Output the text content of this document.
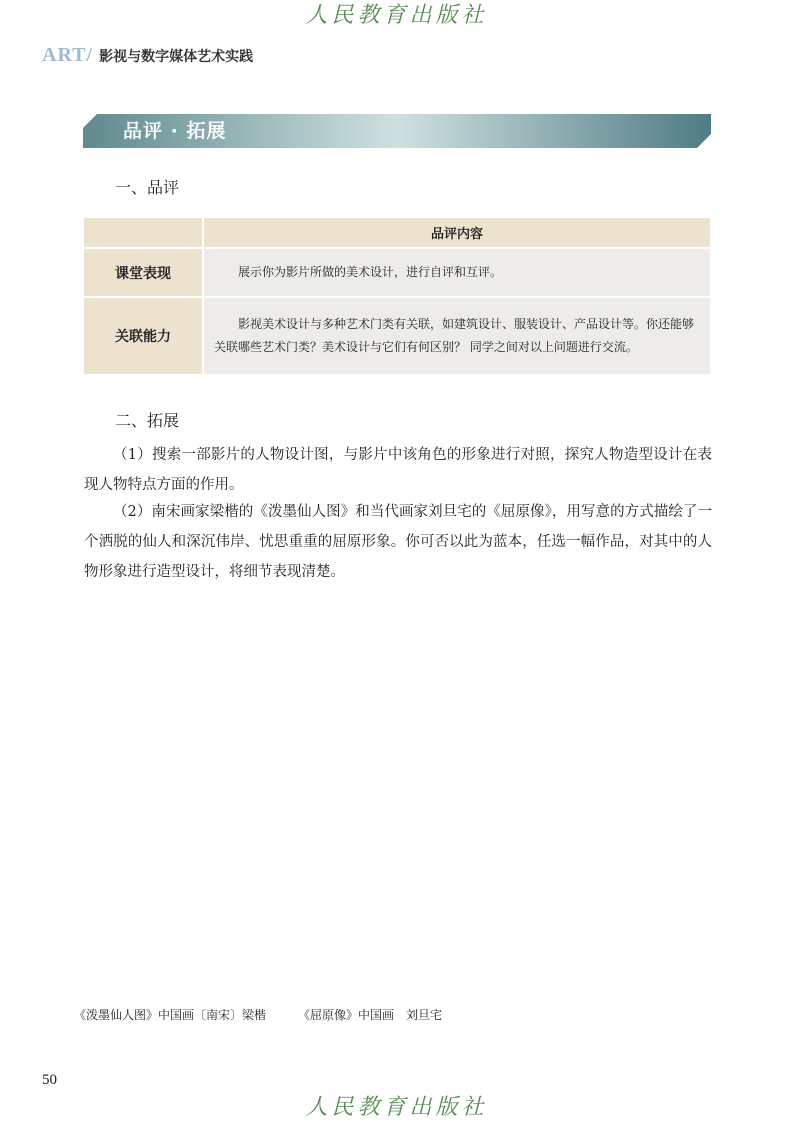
人民教育出版社
ART/ 影视与数字媒体艺术实践
品评 · 拓展
一、品评
	品评内容
课堂表现	展示你为影片所做的美术设计，进行自评和互评。
关联能力	影视美术设计与多种艺术门类有关联，如建筑设计、服装设计、产品设计等。你还能够关联哪些艺术门类？美术设计与它们有何区别？ 同学之间对以上问题进行交流。
二、拓展
（1）搜索一部影片的人物设计图，与影片中该角色的形象进行对照，探究人物造型设计在表现人物特点方面的作用。
（2）南宋画家梁楷的《泼墨仙人图》和当代画家刘旦宅的《屈原像》，用写意的方式描绘了一个洒脱的仙人和深沉伟岸、忧思重重的屈原形象。你可否以此为蓝本，任选一幅作品，对其中的人物形象进行造型设计，将细节表现清楚。
《泼墨仙人图》中国画〔南宋〕梁楷	《屈原像》中国画　刘旦宅
50
人民教育出版社
